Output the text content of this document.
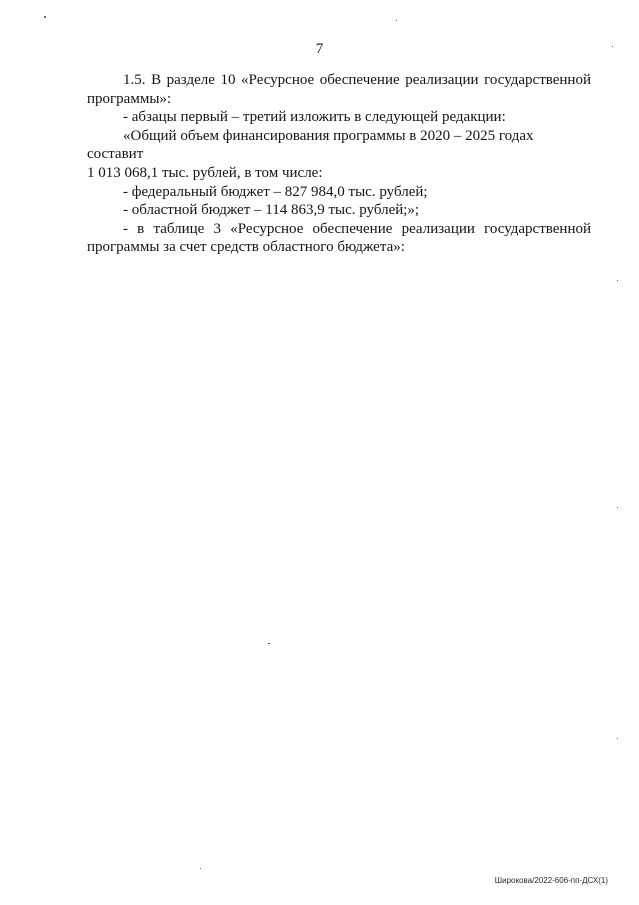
7

1.5. В разделе 10 «Ресурсное обеспечение реализации государственной программы»:

- абзацы первый – третий изложить в следующей редакции:

«Общий объем финансирования программы в 2020 – 2025 годах составит

1 013 068,1 тыс. рублей, в том числе:

- федеральный бюджет – 827 984,0 тыс. рублей;

- областной бюджет – 114 863,9 тыс. рублей;»;

- в таблице 3 «Ресурсное обеспечение реализации государственной программы за счет средств областного бюджета»:

Широкова/2022-606-пп-ДСХ(1)
